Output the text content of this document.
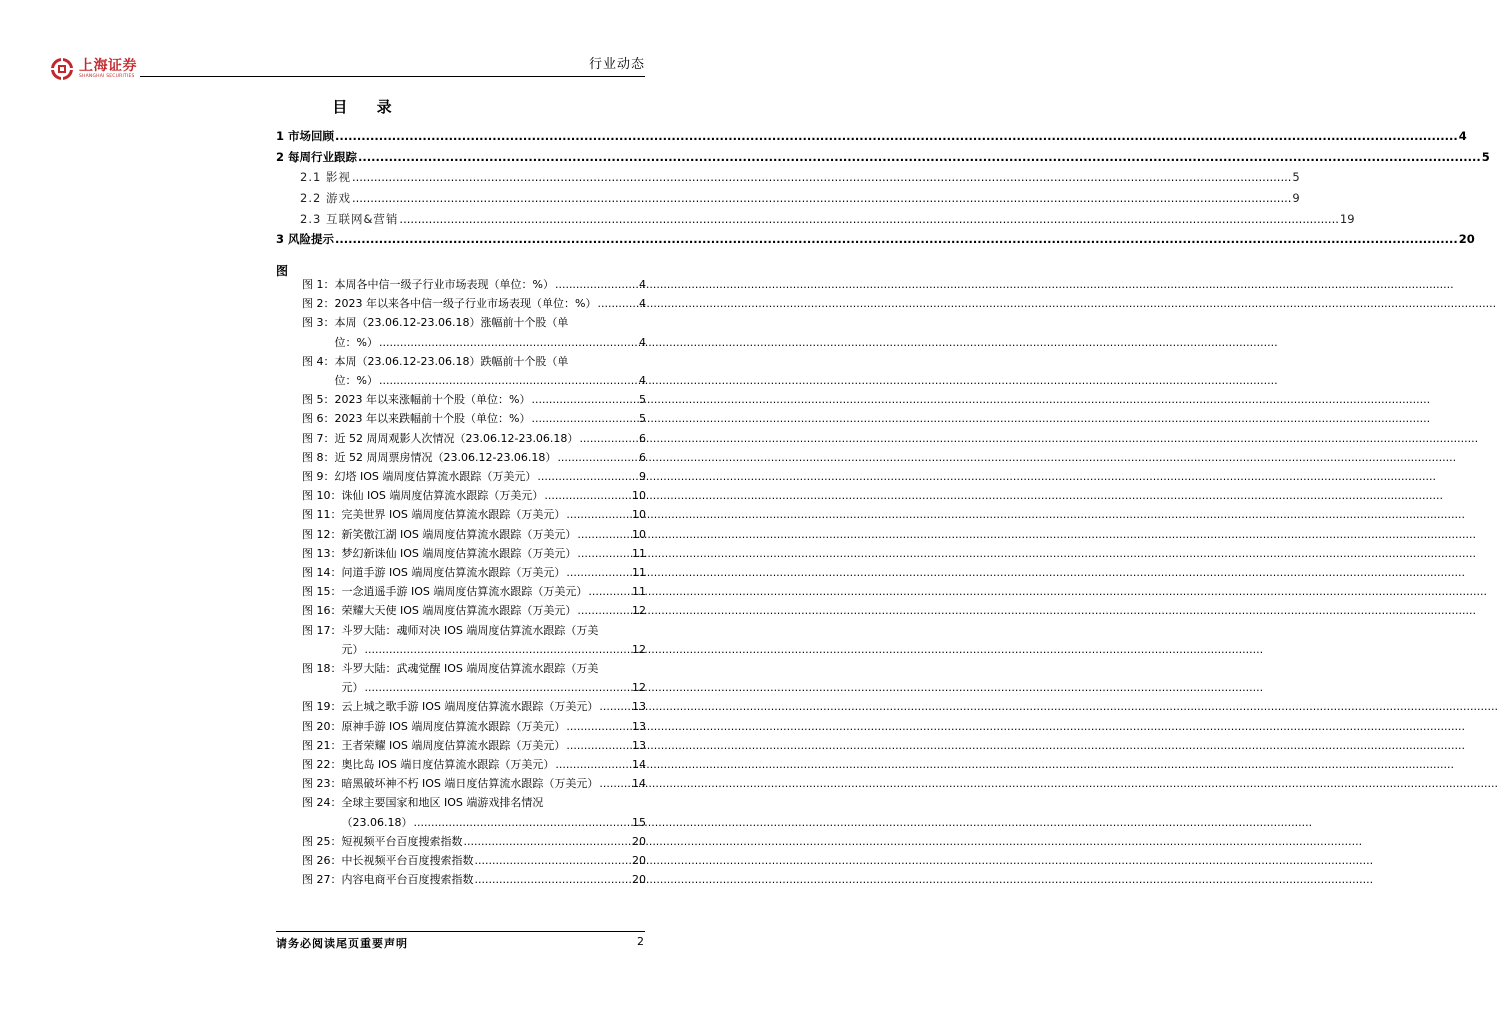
上海证券
SHANGHAI SECURITIES
行业动态
目 录
1 市场回顾 .....	4
2 每周行业跟踪 .....	5
2.1 影视 .....	5
2.2 游戏 .....	9
2.3 互联网&营销 .....	19
3 风险提示 .....	20
图
图 1： 本周各中信一级子行业市场表现（单位：%） .....	4
图 2： 2023 年以来各中信一级子行业市场表现（单位：%） .....	4
图 3： 本周（23.06.12-23.06.18）涨幅前十个股（单
位：%） .....	4
图 4： 本周（23.06.12-23.06.18）跌幅前十个股（单
位：%） .....	4
图 5： 2023 年以来涨幅前十个股（单位：%） .....	5
图 6： 2023 年以来跌幅前十个股（单位：%） .....	5
图 7： 近 52 周周观影人次情况（23.06.12-23.06.18） .....	6
图 8： 近 52 周周票房情况（23.06.12-23.06.18） .....	6
图 9： 幻塔 IOS 端周度估算流水跟踪（万美元） .....	9
图 10： 诛仙 IOS 端周度估算流水跟踪（万美元） .....	10
图 11： 完美世界 IOS 端周度估算流水跟踪（万美元） .....	10
图 12： 新笑傲江湖 IOS 端周度估算流水跟踪（万美元） .....	10
图 13： 梦幻新诛仙 IOS 端周度估算流水跟踪（万美元） .....	11
图 14： 问道手游 IOS 端周度估算流水跟踪（万美元） .....	11
图 15： 一念逍遥手游 IOS 端周度估算流水跟踪（万美元） .....	11
图 16： 荣耀大天使 IOS 端周度估算流水跟踪（万美元） .....	12
图 17： 斗罗大陆：魂师对决 IOS 端周度估算流水跟踪（万美
元） .....	12
图 18： 斗罗大陆：武魂觉醒 IOS 端周度估算流水跟踪（万美
元） .....	12
图 19： 云上城之歌手游 IOS 端周度估算流水跟踪（万美元） .....	13
图 20： 原神手游 IOS 端周度估算流水跟踪（万美元） .....	13
图 21： 王者荣耀 IOS 端周度估算流水跟踪（万美元） .....	13
图 22： 奥比岛 IOS 端日度估算流水跟踪（万美元） .....	14
图 23： 暗黑破坏神不朽 IOS 端日度估算流水跟踪（万美元） .....	14
图 24： 全球主要国家和地区 IOS 端游戏排名情况
（23.06.18） .....	15
图 25： 短视频平台百度搜索指数 .....	20
图 26： 中长视频平台百度搜索指数 .....	20
图 27： 内容电商平台百度搜索指数 .....	20
请务必阅读尾页重要声明	2
